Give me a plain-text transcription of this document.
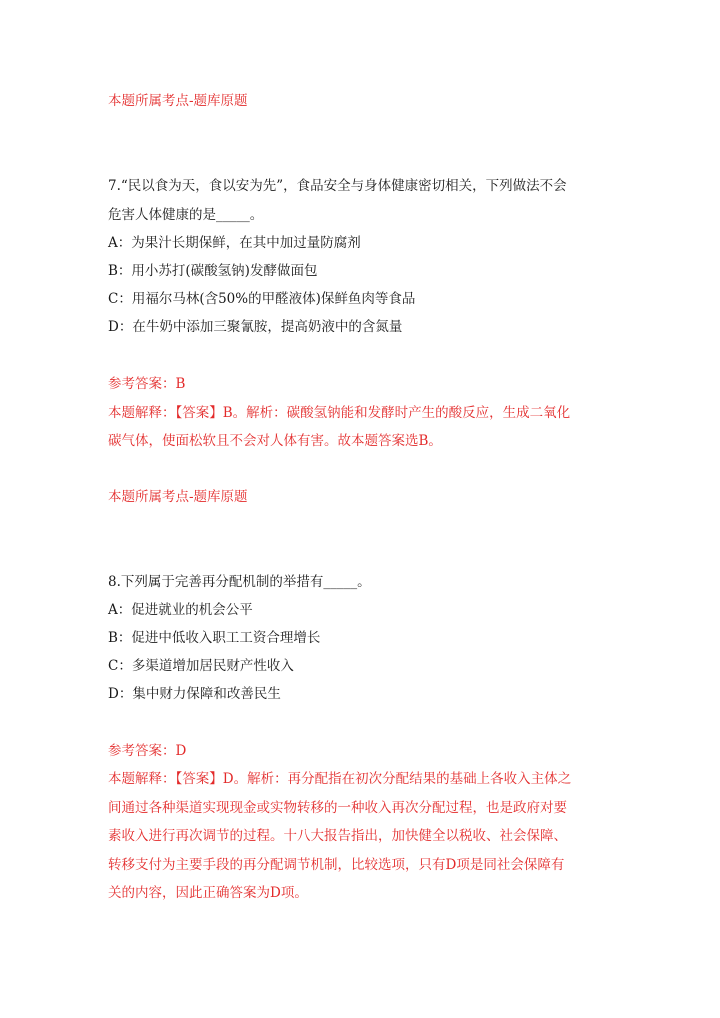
本题所属考点-题库原题
7.“民以食为天，食以安为先”，食品安全与身体健康密切相关，下列做法不会
危害人体健康的是_____。
A：为果汁长期保鲜，在其中加过量防腐剂
B：用小苏打(碳酸氢钠)发酵做面包
C：用福尔马林(含50%的甲醛液体)保鲜鱼肉等食品
D：在牛奶中添加三聚氰胺，提高奶液中的含氮量
参考答案：B
本题解释：【答案】B。解析：碳酸氢钠能和发酵时产生的酸反应，生成二氧化
碳气体，使面松软且不会对人体有害。故本题答案选B。
本题所属考点-题库原题
8.下列属于完善再分配机制的举措有_____。
A：促进就业的机会公平
B：促进中低收入职工工资合理增长
C：多渠道增加居民财产性收入
D：集中财力保障和改善民生
参考答案：D
本题解释：【答案】D。解析：再分配指在初次分配结果的基础上各收入主体之
间通过各种渠道实现现金或实物转移的一种收入再次分配过程，也是政府对要
素收入进行再次调节的过程。十八大报告指出，加快健全以税收、社会保障、
转移支付为主要手段的再分配调节机制，比较选项，只有D项是同社会保障有
关的内容，因此正确答案为D项。
